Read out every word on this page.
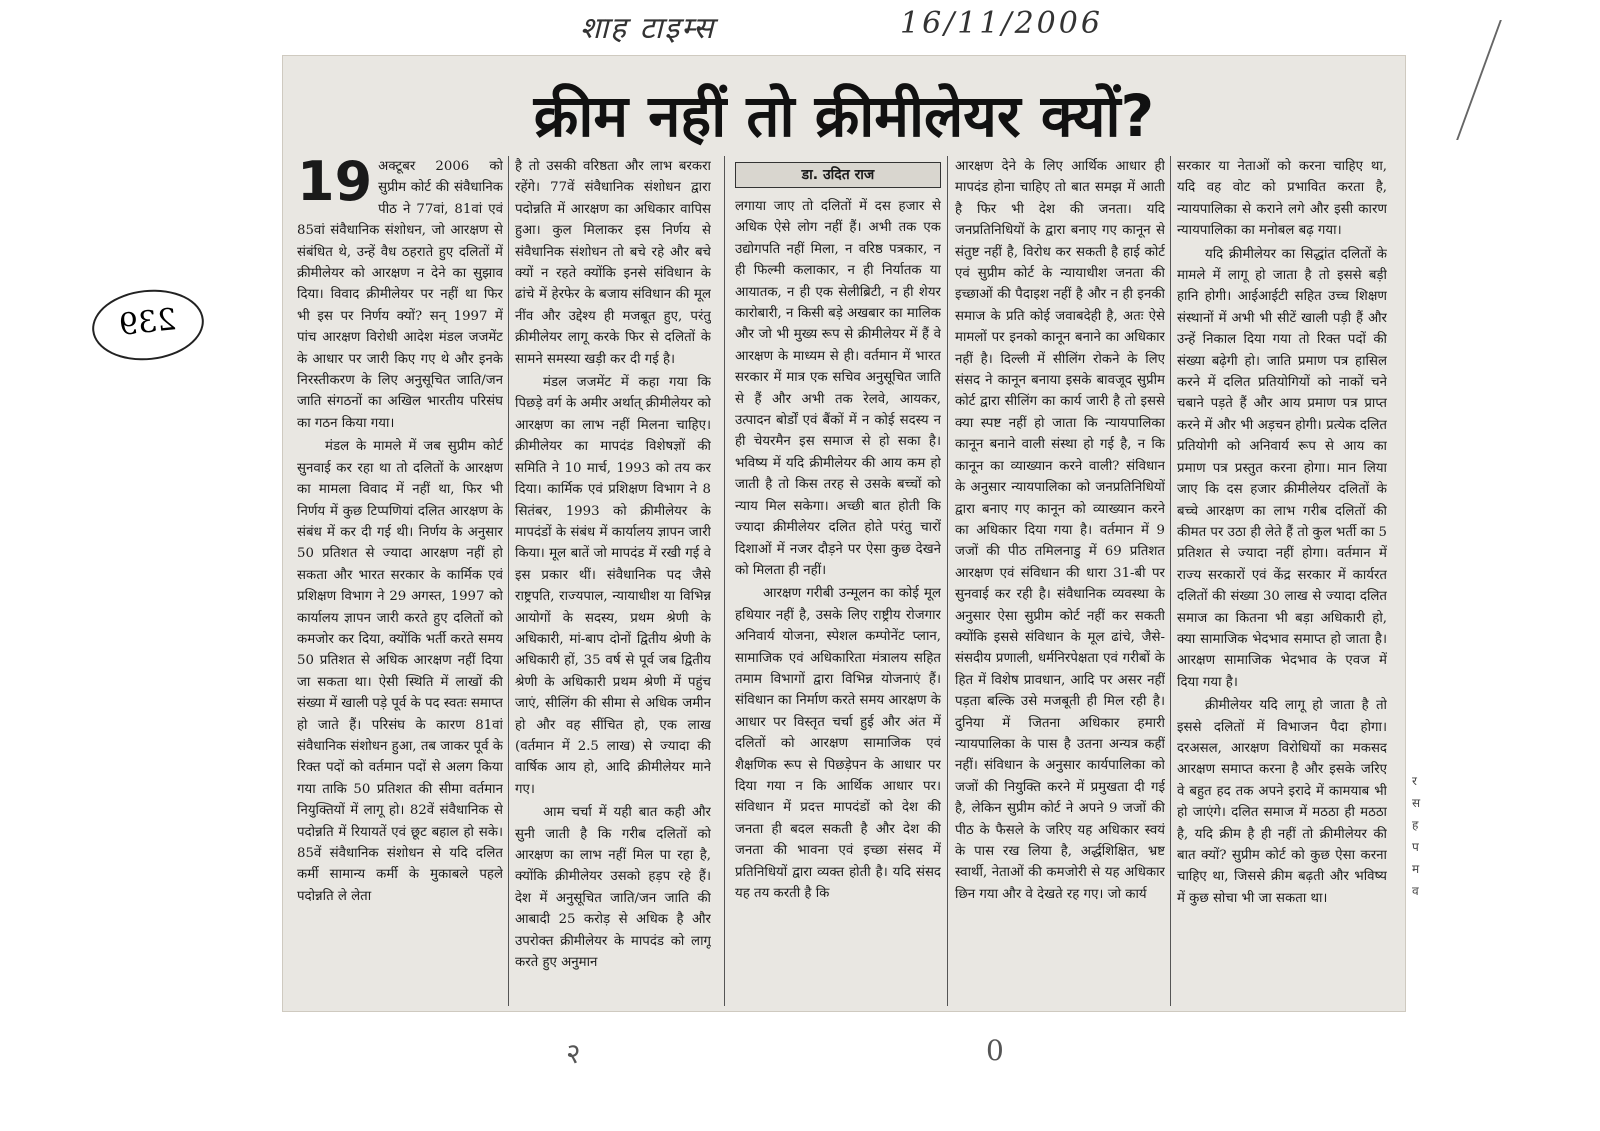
शाह टाइम्स	16/11/2006
239
क्रीम नहीं तो क्रीमीलेयर क्यों?

19 अक्टूबर 2006 को सुप्रीम कोर्ट की संवैधानिक पीठ ने 77वां, 81वां एवं 85वां संवैधानिक संशोधन, जो आरक्षण से संबंधित थे, उन्हें वैध ठहराते हुए दलितों में क्रीमीलेयर को आरक्षण न देने का सुझाव दिया। विवाद क्रीमीलेयर पर नहीं था फिर भी इस पर निर्णय क्यों? सन् 1997 में पांच आरक्षण विरोधी आदेश मंडल जजमेंट के आधार पर जारी किए गए थे और इनके निरस्तीकरण के लिए अनुसूचित जाति/जन जाति संगठनों का अखिल भारतीय परिसंघ का गठन किया गया।

मंडल के मामले में जब सुप्रीम कोर्ट सुनवाई कर रहा था तो दलितों के आरक्षण का मामला विवाद में नहीं था, फिर भी निर्णय में कुछ टिप्पणियां दलित आरक्षण के संबंध में कर दी गई थी। निर्णय के अनुसार 50 प्रतिशत से ज्यादा आरक्षण नहीं हो सकता और भारत सरकार के कार्मिक एवं प्रशिक्षण विभाग ने 29 अगस्त, 1997 को कार्यालय ज्ञापन जारी करते हुए दलितों को कमजोर कर दिया, क्योंकि भर्ती करते समय 50 प्रतिशत से अधिक आरक्षण नहीं दिया जा सकता था। ऐसी स्थिति में लाखों की संख्या में खाली पड़े पूर्व के पद स्वतः समाप्त हो जाते हैं। परिसंघ के कारण 81वां संवैधानिक संशोधन हुआ, तब जाकर पूर्व के रिक्त पदों को वर्तमान पदों से अलग किया गया ताकि 50 प्रतिशत की सीमा वर्तमान नियुक्तियों में लागू हो। 82वें संवैधानिक से पदोन्नति में रियायतें एवं छूट बहाल हो सके। 85वें संवैधानिक संशोधन से यदि दलित कर्मी सामान्य कर्मी के मुकाबले पहले पदोन्नति ले लेता

है तो उसकी वरिष्ठता और लाभ बरकरा रहेंगे। 77वें संवैधानिक संशोधन द्वारा पदोन्नति में आरक्षण का अधिकार वापिस हुआ। कुल मिलाकर इस निर्णय से संवैधानिक संशोधन तो बचे रहे और बचे क्यों न रहते क्योंकि इनसे संविधान के ढांचे में हेरफेर के बजाय संविधान की मूल नींव और उद्देश्य ही मजबूत हुए, परंतु क्रीमीलेयर लागू करके फिर से दलितों के सामने समस्या खड़ी कर दी गई है।

मंडल जजमेंट में कहा गया कि पिछड़े वर्ग के अमीर अर्थात् क्रीमीलेयर को आरक्षण का लाभ नहीं मिलना चाहिए। क्रीमीलेयर का मापदंड विशेषज्ञों की समिति ने 10 मार्च, 1993 को तय कर दिया। कार्मिक एवं प्रशिक्षण विभाग ने 8 सितंबर, 1993 को क्रीमीलेयर के मापदंडों के संबंध में कार्यालय ज्ञापन जारी किया। मूल बातें जो मापदंड में रखी गई वे इस प्रकार थीं। संवैधानिक पद जैसे राष्ट्रपति, राज्यपाल, न्यायाधीश या विभिन्न आयोगों के सदस्य, प्रथम श्रेणी के अधिकारी, मां-बाप दोनों द्वितीय श्रेणी के अधिकारी हों, 35 वर्ष से पूर्व जब द्वितीय श्रेणी के अधिकारी प्रथम श्रेणी में पहुंच जाएं, सीलिंग की सीमा से अधिक जमीन हो और वह सींचित हो, एक लाख (वर्तमान में 2.5 लाख) से ज्यादा की वार्षिक आय हो, आदि क्रीमीलेयर माने गए।

आम चर्चा में यही बात कही और सुनी जाती है कि गरीब दलितों को आरक्षण का लाभ नहीं मिल पा रहा है, क्योंकि क्रीमीलेयर उसको हड़प रहे हैं। देश में अनुसूचित जाति/जन जाति की आबादी 25 करोड़ से अधिक है और उपरोक्त क्रीमीलेयर के मापदंड को लागू करते हुए अनुमान

डा. उदित राज

लगाया जाए तो दलितों में दस हजार से अधिक ऐसे लोग नहीं हैं। अभी तक एक उद्योगपति नहीं मिला, न वरिष्ठ पत्रकार, न ही फिल्मी कलाकार, न ही निर्यातक या आयातक, न ही एक सेलीब्रिटी, न ही शेयर कारोबारी, न किसी बड़े अखबार का मालिक और जो भी मुख्य रूप से क्रीमीलेयर में हैं वे आरक्षण के माध्यम से ही। वर्तमान में भारत सरकार में मात्र एक सचिव अनुसूचित जाति से हैं और अभी तक रेलवे, आयकर, उत्पादन बोर्डों एवं बैंकों में न कोई सदस्य न ही चेयरमैन इस समाज से हो सका है। भविष्य में यदि क्रीमीलेयर की आय कम हो जाती है तो किस तरह से उसके बच्चों को न्याय मिल सकेगा। अच्छी बात होती कि ज्यादा क्रीमीलेयर दलित होते परंतु चारों दिशाओं में नजर दौड़ने पर ऐसा कुछ देखने को मिलता ही नहीं।

आरक्षण गरीबी उन्मूलन का कोई मूल हथियार नहीं है, उसके लिए राष्ट्रीय रोजगार अनिवार्य योजना, स्पेशल कम्पोनेंट प्लान, सामाजिक एवं अधिकारिता मंत्रालय सहित तमाम विभागों द्वारा विभिन्न योजनाएं हैं। संविधान का निर्माण करते समय आरक्षण के आधार पर विस्तृत चर्चा हुई और अंत में दलितों को आरक्षण सामाजिक एवं शैक्षणिक रूप से पिछड़ेपन के आधार पर दिया गया न कि आर्थिक आधार पर। संविधान में प्रदत्त मापदंडों को देश की जनता ही बदल सकती है और देश की जनता की भावना एवं इच्छा संसद में प्रतिनिधियों द्वारा व्यक्त होती है। यदि संसद यह तय करती है कि

आरक्षण देने के लिए आर्थिक आधार ही मापदंड होना चाहिए तो बात समझ में आती है फिर भी देश की जनता। यदि जनप्रतिनिधियों के द्वारा बनाए गए कानून से संतुष्ट नहीं है, विरोध कर सकती है हाई कोर्ट एवं सुप्रीम कोर्ट के न्यायाधीश जनता की इच्छाओं की पैदाइश नहीं है और न ही इनकी समाज के प्रति कोई जवाबदेही है, अतः ऐसे मामलों पर इनको कानून बनाने का अधिकार नहीं है। दिल्ली में सीलिंग रोकने के लिए संसद ने कानून बनाया इसके बावजूद सुप्रीम कोर्ट द्वारा सीलिंग का कार्य जारी है तो इससे क्या स्पष्ट नहीं हो जाता कि न्यायपालिका कानून बनाने वाली संस्था हो गई है, न कि कानून का व्याख्यान करने वाली? संविधान के अनुसार न्यायपालिका को जनप्रतिनिधियों द्वारा बनाए गए कानून को व्याख्यान करने का अधिकार दिया गया है। वर्तमान में 9 जजों की पीठ तमिलनाडु में 69 प्रतिशत आरक्षण एवं संविधान की धारा 31-बी पर सुनवाई कर रही है। संवैधानिक व्यवस्था के अनुसार ऐसा सुप्रीम कोर्ट नहीं कर सकती क्योंकि इससे संविधान के मूल ढांचे, जैसे- संसदीय प्रणाली, धर्मनिरपेक्षता एवं गरीबों के हित में विशेष प्रावधान, आदि पर असर नहीं पड़ता बल्कि उसे मजबूती ही मिल रही है। दुनिया में जितना अधिकार हमारी न्यायपालिका के पास है उतना अन्यत्र कहीं नहीं। संविधान के अनुसार कार्यपालिका को जजों की नियुक्ति करने में प्रमुखता दी गई है, लेकिन सुप्रीम कोर्ट ने अपने 9 जजों की पीठ के फैसले के जरिए यह अधिकार स्वयं के पास रख लिया है, अर्द्धशिक्षित, भ्रष्ट स्वार्थी, नेताओं की कमजोरी से यह अधिकार छिन गया और वे देखते रह गए। जो कार्य

सरकार या नेताओं को करना चाहिए था, यदि वह वोट को प्रभावित करता है, न्यायपालिका से कराने लगे और इसी कारण न्यायपालिका का मनोबल बढ़ गया।

यदि क्रीमीलेयर का सिद्धांत दलितों के मामले में लागू हो जाता है तो इससे बड़ी हानि होगी। आईआईटी सहित उच्च शिक्षण संस्थानों में अभी भी सीटें खाली पड़ी हैं और उन्हें निकाल दिया गया तो रिक्त पदों की संख्या बढ़ेगी हो। जाति प्रमाण पत्र हासिल करने में दलित प्रतियोगियों को नाकों चने चबाने पड़ते हैं और आय प्रमाण पत्र प्राप्त करने में और भी अड़चन होगी। प्रत्येक दलित प्रतियोगी को अनिवार्य रूप से आय का प्रमाण पत्र प्रस्तुत करना होगा। मान लिया जाए कि दस हजार क्रीमीलेयर दलितों के बच्चे आरक्षण का लाभ गरीब दलितों की कीमत पर उठा ही लेते हैं तो कुल भर्ती का 5 प्रतिशत से ज्यादा नहीं होगा। वर्तमान में राज्य सरकारों एवं केंद्र सरकार में कार्यरत दलितों की संख्या 30 लाख से ज्यादा दलित समाज का कितना भी बड़ा अधिकारी हो, क्या सामाजिक भेदभाव समाप्त हो जाता है। आरक्षण सामाजिक भेदभाव के एवज में दिया गया है।

क्रीमीलेयर यदि लागू हो जाता है तो इससे दलितों में विभाजन पैदा होगा। दरअसल, आरक्षण विरोधियों का मकसद आरक्षण समाप्त करना है और इसके जरिए वे बहुत हद तक अपने इरादे में कामयाब भी हो जाएंगे। दलित समाज में मठठा ही मठठा है, यदि क्रीम है ही नहीं तो क्रीमीलेयर की बात क्यों? सुप्रीम कोर्ट को कुछ ऐसा करना चाहिए था, जिससे क्रीम बढ़ती और भविष्य में कुछ सोचा भी जा सकता था।

र
स
ह
प
म
व
२	0
